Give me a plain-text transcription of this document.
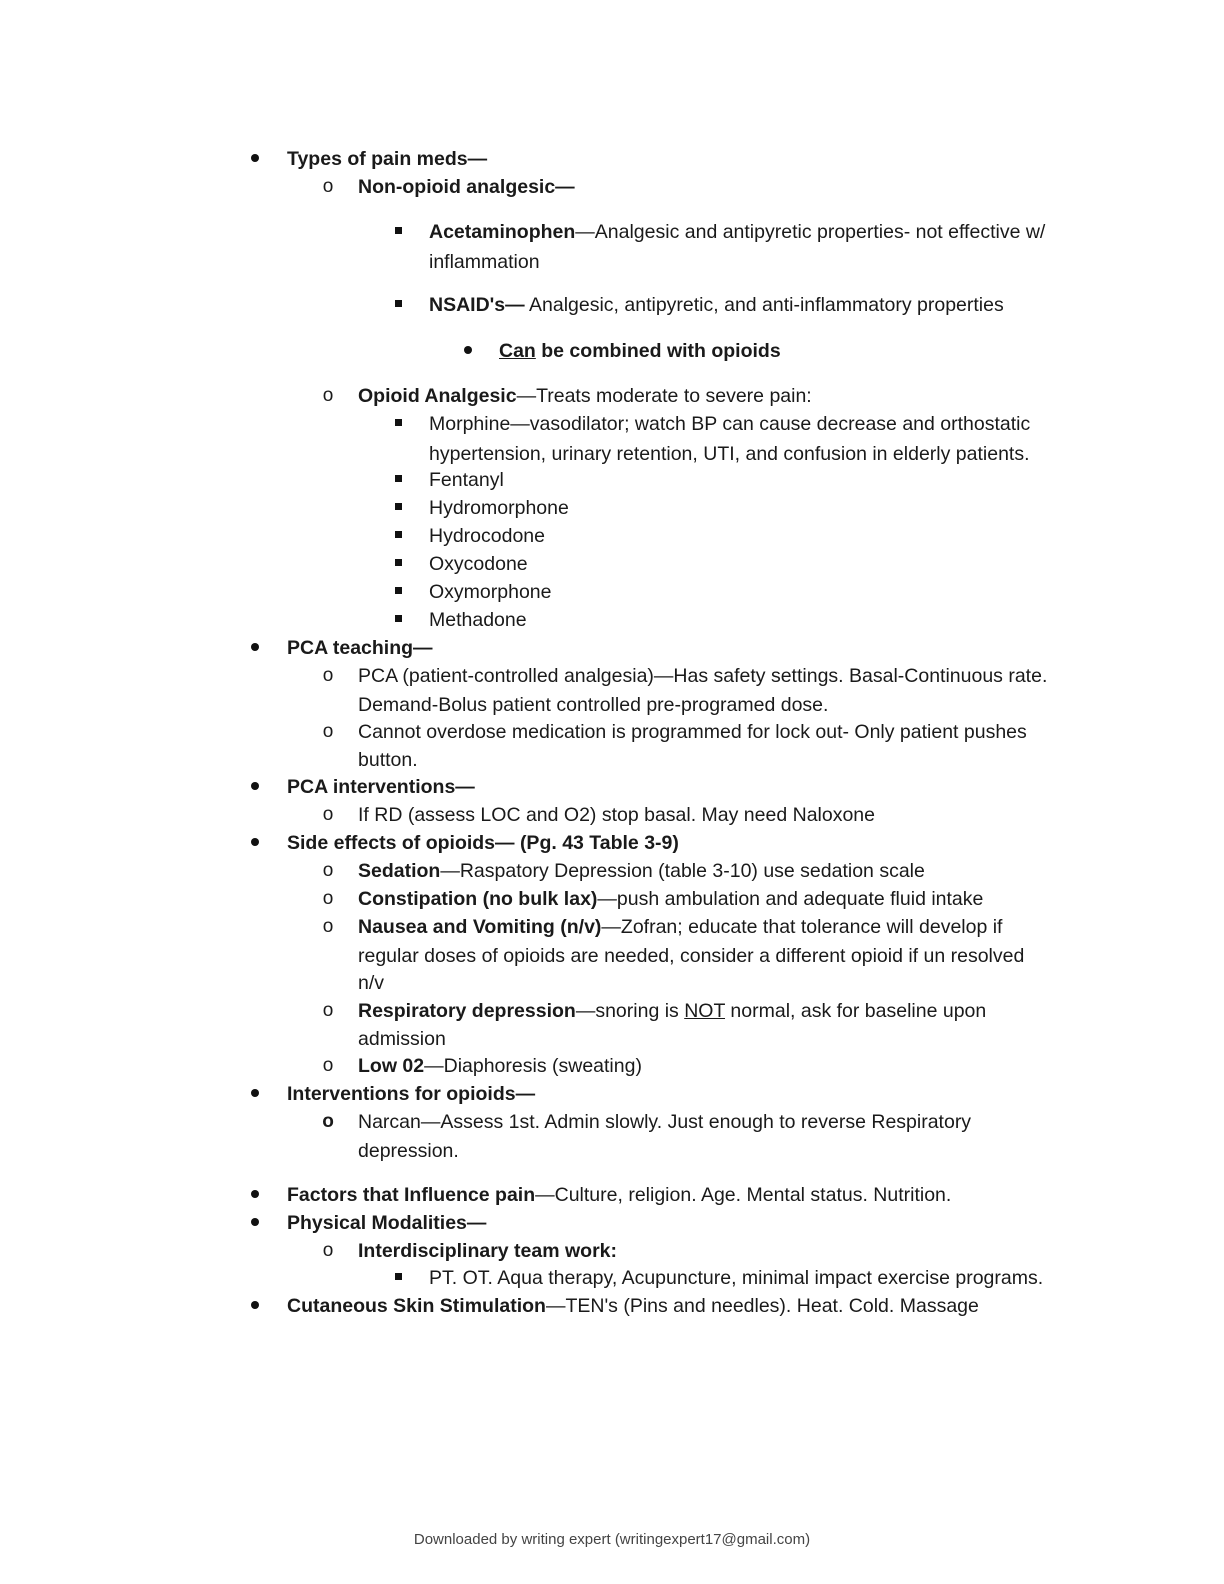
o
o
o
o
o
o
o
o
o
o
o
o
Types of pain meds—
Non-opioid analgesic—
Acetaminophen—Analgesic and antipyretic properties- not effective w/
inflammation
NSAID's— Analgesic, antipyretic, and anti-inflammatory properties
Can be combined with opioids
Opioid Analgesic—Treats moderate to severe pain:
Morphine—vasodilator; watch BP can cause decrease and orthostatic
hypertension, urinary retention, UTI, and confusion in elderly patients.
Fentanyl
Hydromorphone
Hydrocodone
Oxycodone
Oxymorphone
Methadone
PCA teaching—
PCA (patient-controlled analgesia)—Has safety settings. Basal-Continuous rate.
Demand-Bolus patient controlled pre-programed dose.
Cannot overdose medication is programmed for lock out- Only patient pushes
button.
PCA interventions—
If RD (assess LOC and O2) stop basal. May need Naloxone
Side effects of opioids— (Pg. 43 Table 3-9)
Sedation—Raspatory Depression (table 3-10) use sedation scale
Constipation (no bulk lax)—push ambulation and adequate fluid intake
Nausea and Vomiting (n/v)—Zofran; educate that tolerance will develop if
regular doses of opioids are needed, consider a different opioid if un resolved
n/v
Respiratory depression—snoring is NOT normal, ask for baseline upon
admission
Low 02—Diaphoresis (sweating)
Interventions for opioids—
Narcan—Assess 1st. Admin slowly. Just enough to reverse Respiratory
depression.
Factors that Influence pain—Culture, religion. Age. Mental status. Nutrition.
Physical Modalities—
Interdisciplinary team work:
PT. OT. Aqua therapy, Acupuncture, minimal impact exercise programs.
Cutaneous Skin Stimulation—TEN's (Pins and needles). Heat. Cold. Massage
Downloaded by writing expert (writingexpert17@gmail.com)
